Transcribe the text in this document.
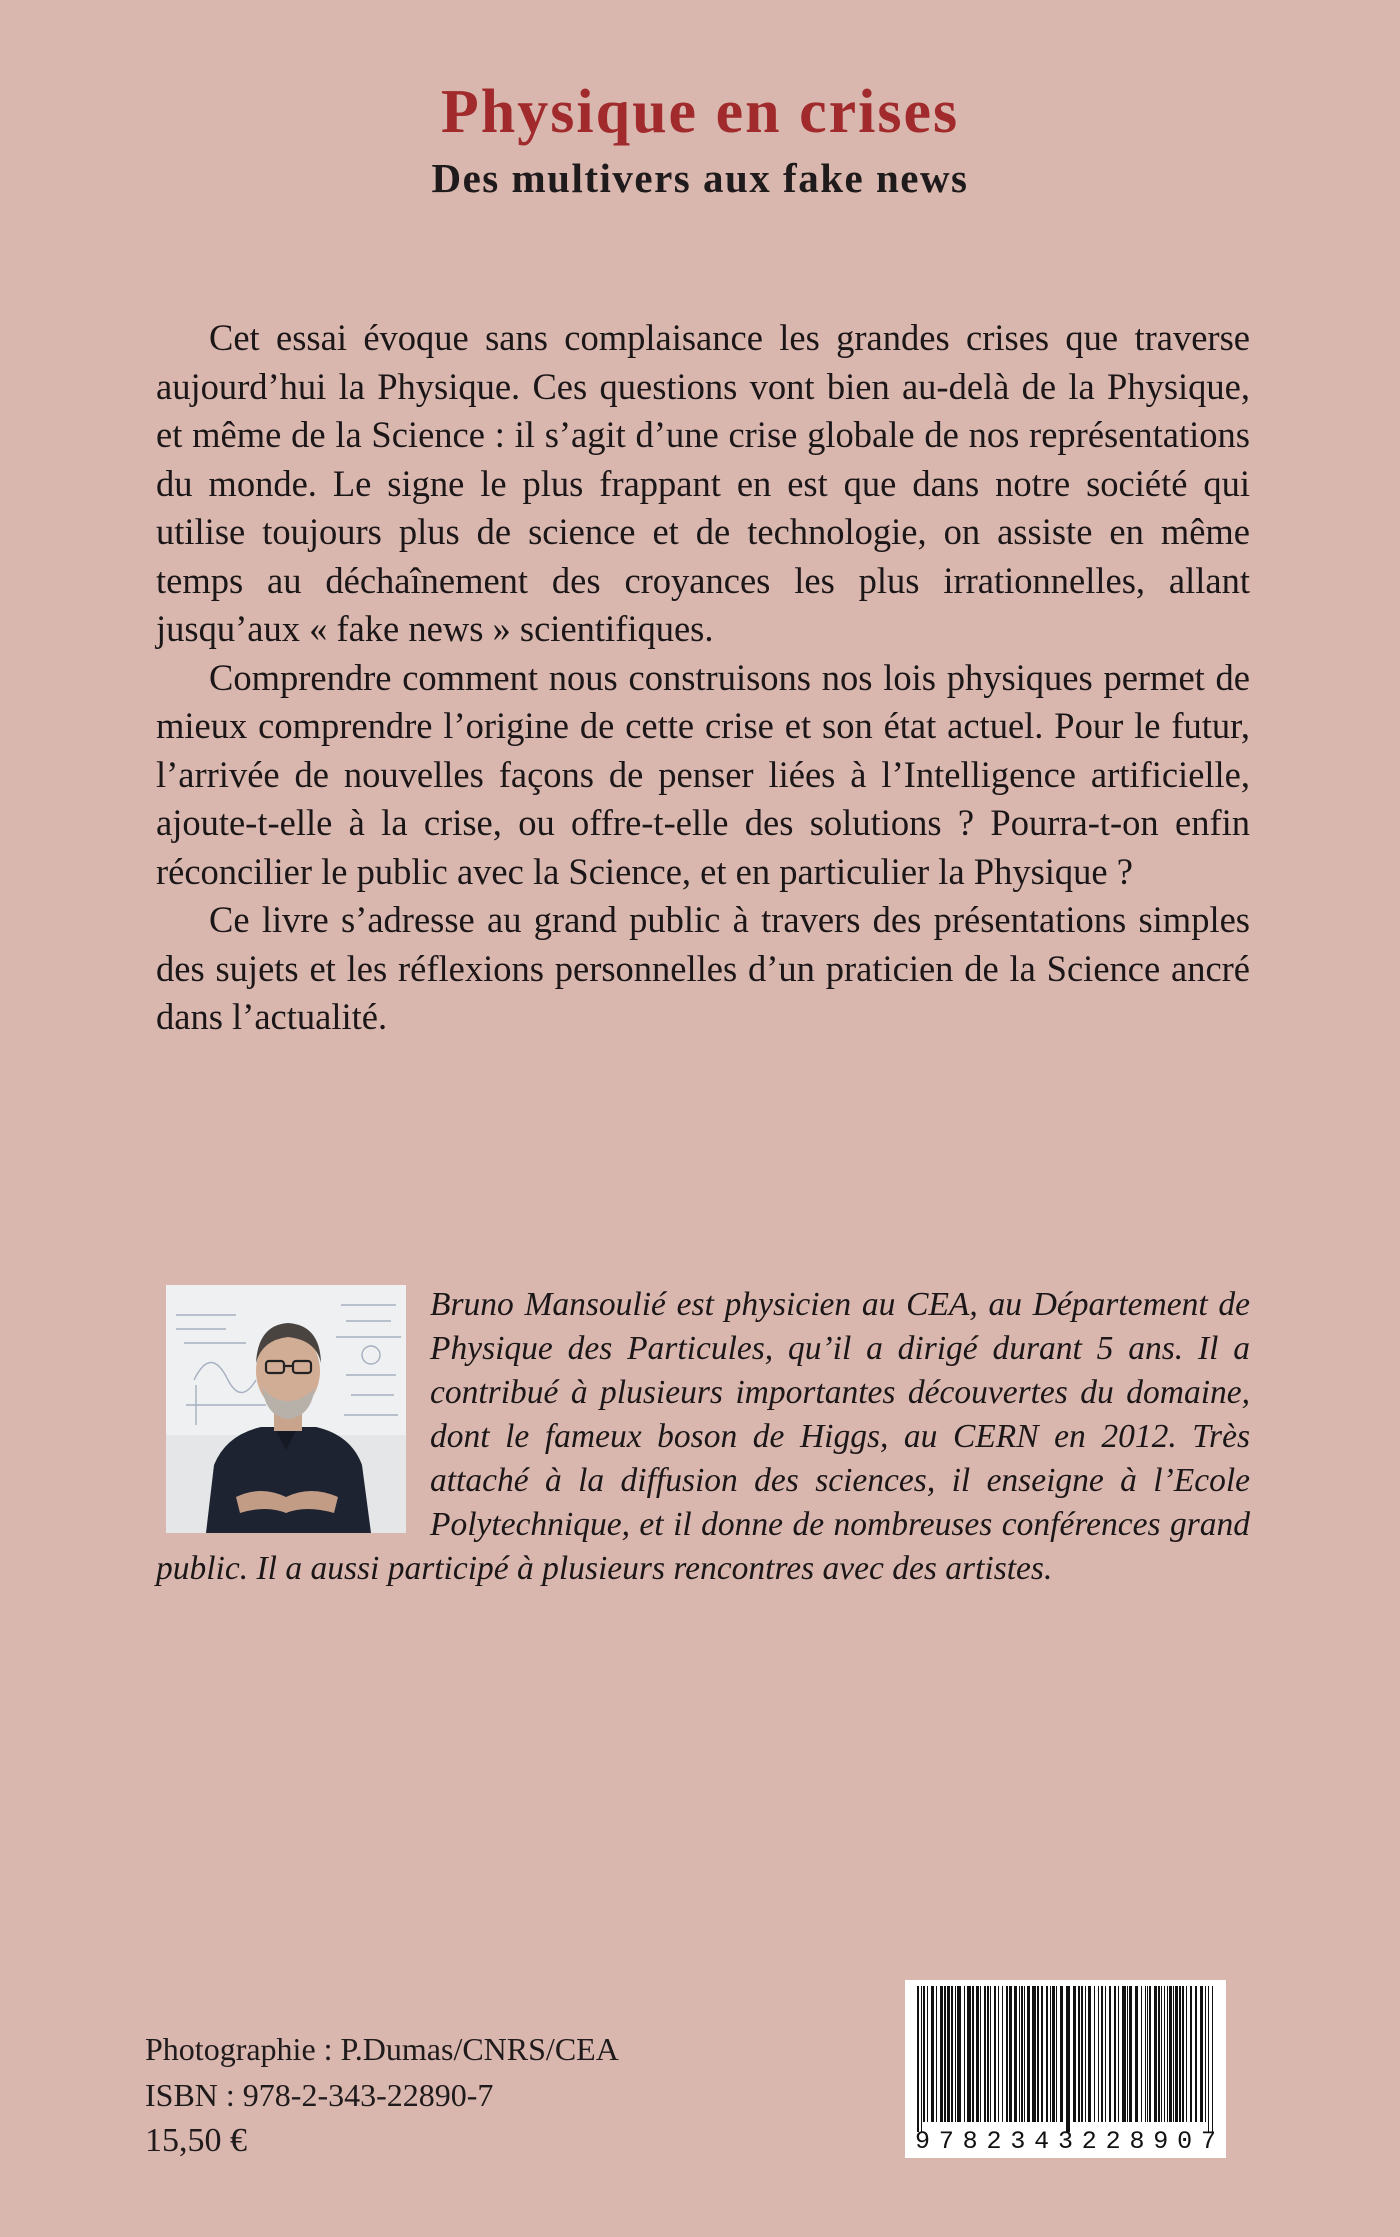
Physique en crises
Des multivers aux fake news

Cet essai évoque sans complaisance les grandes crises que traverse aujourd’hui la Physique. Ces questions vont bien au-delà de la Physique, et même de la Science : il s’agit d’une crise globale de nos représentations du monde. Le signe le plus frappant en est que dans notre société qui utilise toujours plus de science et de technologie, on assiste en même temps au déchaînement des croyances les plus irrationnelles, allant jusqu’aux « fake news » scientifiques.

Comprendre comment nous construisons nos lois physiques permet de mieux comprendre l’origine de cette crise et son état actuel. Pour le futur, l’arrivée de nouvelles façons de penser liées à l’Intelligence artificielle, ajoute-t-elle à la crise, ou offre-t-elle des solutions ? Pourra-t-on enfin réconcilier le public avec la Science, et en particulier la Physique ?

Ce livre s’adresse au grand public à travers des présentations simples des sujets et les réflexions personnelles d’un praticien de la Science ancré dans l’actualité.

Bruno Mansoulié est physicien au CEA, au Département de Physique des Particules, qu’il a dirigé durant 5 ans. Il a contribué à plusieurs importantes découvertes du domaine, dont le fameux boson de Higgs, au CERN en 2012. Très attaché à la diffusion des sciences, il enseigne à l’Ecole Polytechnique, et il donne de nombreuses conférences grand public. Il a aussi participé à plusieurs rencontres avec des artistes.

Photographie : P.Dumas/CNRS/CEA
ISBN : 978-2-343-22890-7
15,50 €	9 7 8 2 3 4 3 2 2 8 9 0 7
